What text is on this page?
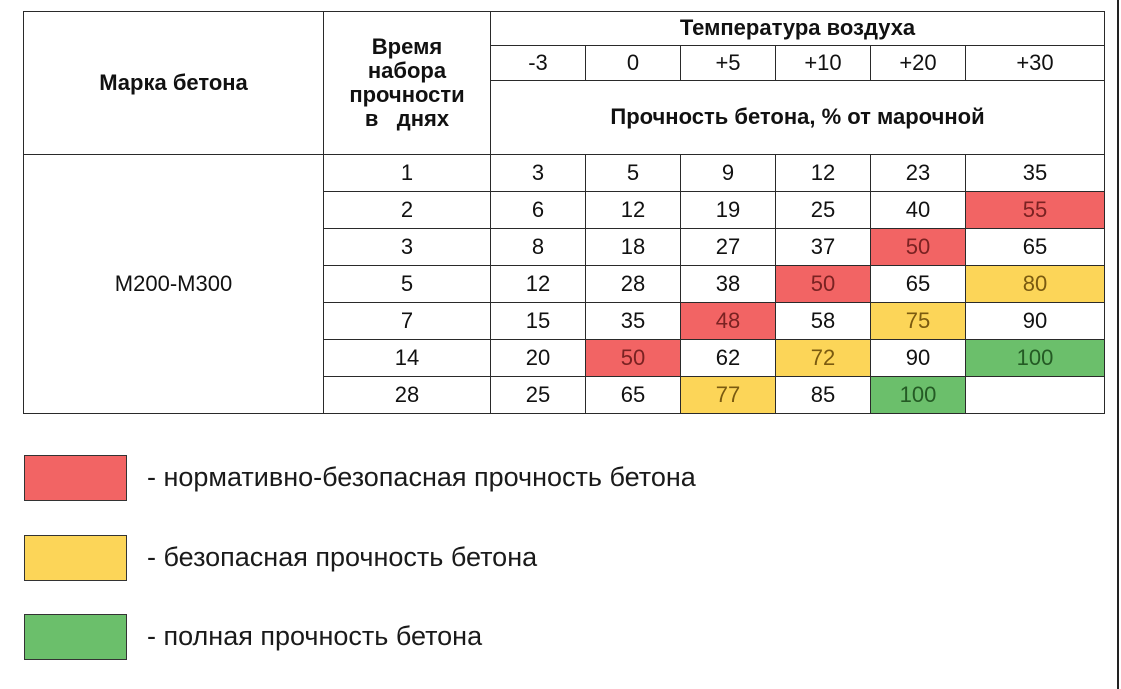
Марка бетона	Время
набора
прочности
в   днях	Температура воздуха					
		-3	0	+5	+10	+20	+30
		Прочность бетона, % от марочной					
М200-М300	1	3	5	9	12	23	35
	2	6	12	19	25	40	55
	3	8	18	27	37	50	65
	5	12	28	38	50	65	80
	7	15	35	48	58	75	90
	14	20	50	62	72	90	100
	28	25	65	77	85	100	
- нормативно-безопасная прочность бетона
- безопасная прочность бетона
- полная прочность бетона
